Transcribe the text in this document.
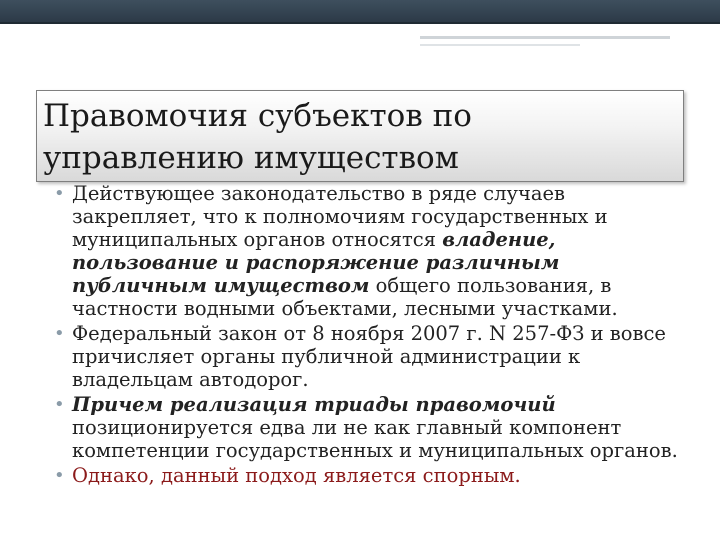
Правомочия субъектов по
управлению имуществом
• Действующее законодательство в ряде случаев закрепляет, что к полномочиям государственных и муниципальных органов относятся владение, пользование и распоряжение различным публичным имуществом общего пользования, в частности водными объектами, лесными участками.
• Федеральный закон от 8 ноября 2007 г. N 257-ФЗ и вовсе причисляет органы публичной администрации к владельцам автодорог.
• Причем реализация триады правомочий позиционируется едва ли не как главный компонент компетенции государственных и муниципальных органов.
• Однако, данный подход является спорным.
